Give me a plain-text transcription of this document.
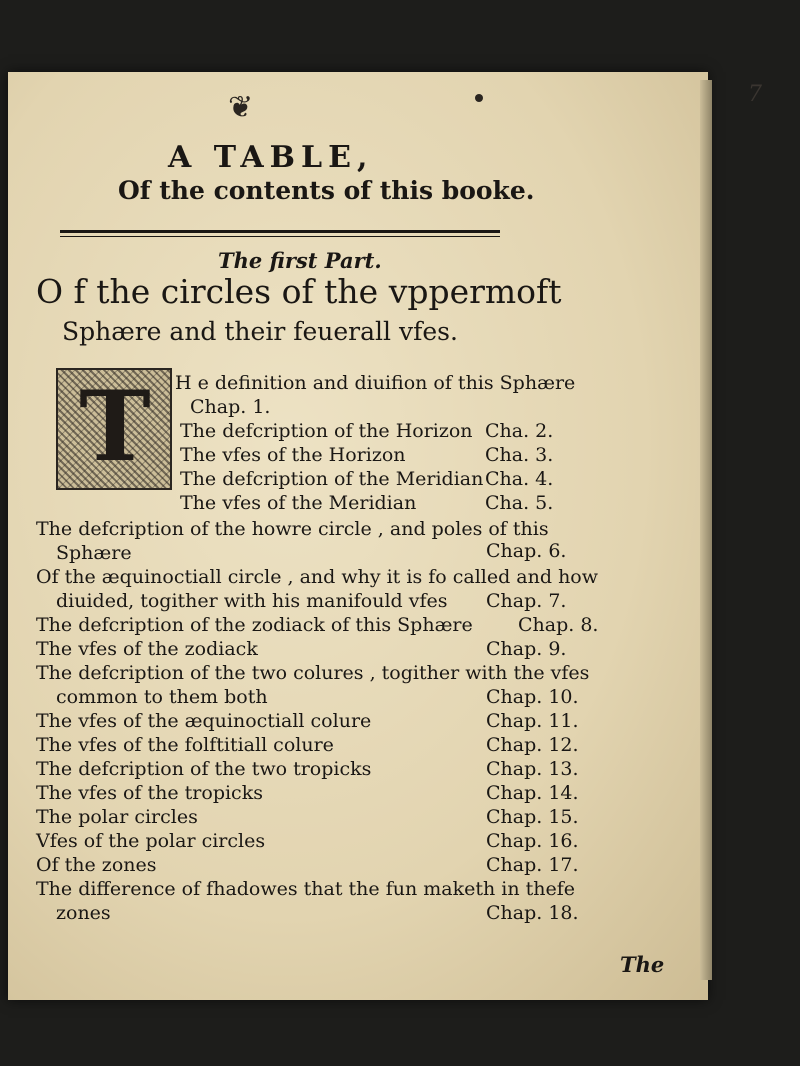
7
❦
A TABLE,
Of the contents of this booke.
The first Part.
O f the circles of the vppermoft
Sphære and their feuerall vfes.
T	H e definition and diuifion of this Sphære
Chap. 1.
The defcription of the Horizon Cha. 2.
The vfes of the Horizon	Cha. 3.
The defcription of the Meridian Cha. 4.
The vfes of the Meridian	Cha. 5.
The defcription of the howre circle , and poles of this
Sphære	Chap. 6.
Of the æquinoctiall circle , and why it is fo called and how
diuided, togither with his manifould vfes Chap. 7.
The defcription of the zodiack of this Sphære Chap. 8.
The vfes of the zodiack	Chap. 9.
The defcription of the two colures , togither with the vfes
common to them both	Chap. 10.
The vfes of the æquinoctiall colure	Chap. 11.
The vfes of the folftitiall colure	Chap. 12.
The defcription of the two tropicks	Chap. 13.
The vfes of the tropicks	Chap. 14.
The polar circles	Chap. 15.
Vfes of the polar circles	Chap. 16.
Of the zones	Chap. 17.
The difference of fhadowes that the fun maketh in thefe
zones	Chap. 18.
The
